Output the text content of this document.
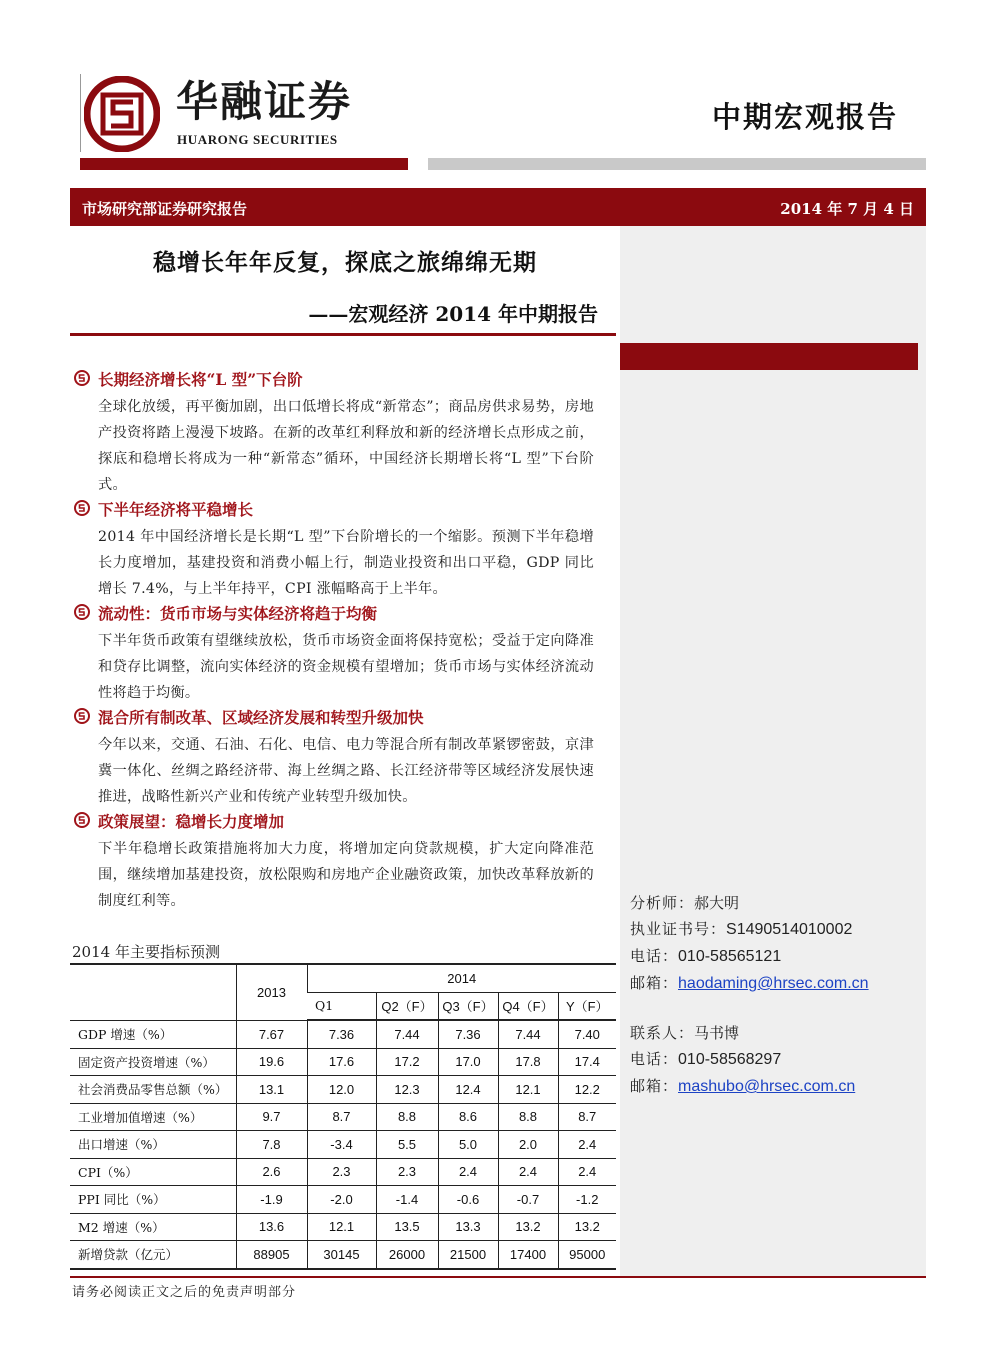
华融证券
HUARONG SECURITIES
中期宏观报告
市场研究部证券研究报告	2014 年 7 月 4 日
稳增长年年反复，探底之旅绵绵无期
——宏观经济 2014 年中期报告
长期经济增长将“L 型”下台阶

全球化放缓，再平衡加剧，出口低增长将成“新常态”；商品房供求易势，房地产投资将踏上漫漫下坡路。在新的改革红利释放和新的经济增长点形成之前，探底和稳增长将成为一种“新常态”循环，中国经济长期增长将“L 型”下台阶式。

下半年经济将平稳增长

2014 年中国经济增长是长期“L 型”下台阶增长的一个缩影。预测下半年稳增长力度增加，基建投资和消费小幅上行，制造业投资和出口平稳，GDP 同比增长 7.4%，与上半年持平，CPI 涨幅略高于上半年。

流动性：货币市场与实体经济将趋于均衡

下半年货币政策有望继续放松，货币市场资金面将保持宽松；受益于定向降准和贷存比调整，流向实体经济的资金规模有望增加；货币市场与实体经济流动性将趋于均衡。

混合所有制改革、区域经济发展和转型升级加快

今年以来，交通、石油、石化、电信、电力等混合所有制改革紧锣密鼓，京津冀一体化、丝绸之路经济带、海上丝绸之路、长江经济带等区域经济发展快速推进，战略性新兴产业和传统产业转型升级加快。

政策展望：稳增长力度增加

下半年稳增长政策措施将加大力度，将增加定向贷款规模，扩大定向降准范围，继续增加基建投资，放松限购和房地产企业融资政策，加快改革释放新的制度红利等。	分析师：郝大明
执业证书号：S1490514010002
电话：010-58565121
邮箱：haodaming@hrsec.com.cn
联系人：马书博
电话：010-58568297
邮箱：mashubo@hrsec.com.cn
2014 年主要指标预测
	2013	2014				
		Q1	Q2（F）	Q3（F）	Q4（F）	Y（F）
GDP 增速（%）	7.67	7.36	7.44	7.36	7.44	7.40
固定资产投资增速（%）	19.6	17.6	17.2	17.0	17.8	17.4
社会消费品零售总额（%）	13.1	12.0	12.3	12.4	12.1	12.2
工业增加值增速（%）	9.7	8.7	8.8	8.6	8.8	8.7
出口增速（%）	7.8	-3.4	5.5	5.0	2.0	2.4
CPI（%）	2.6	2.3	2.3	2.4	2.4	2.4
PPI 同比（%）	-1.9	-2.0	-1.4	-0.6	-0.7	-1.2
M2 增速（%）	13.6	12.1	13.5	13.3	13.2	13.2
新增贷款（亿元）	88905	30145	26000	21500	17400	95000
请务必阅读正文之后的免责声明部分
